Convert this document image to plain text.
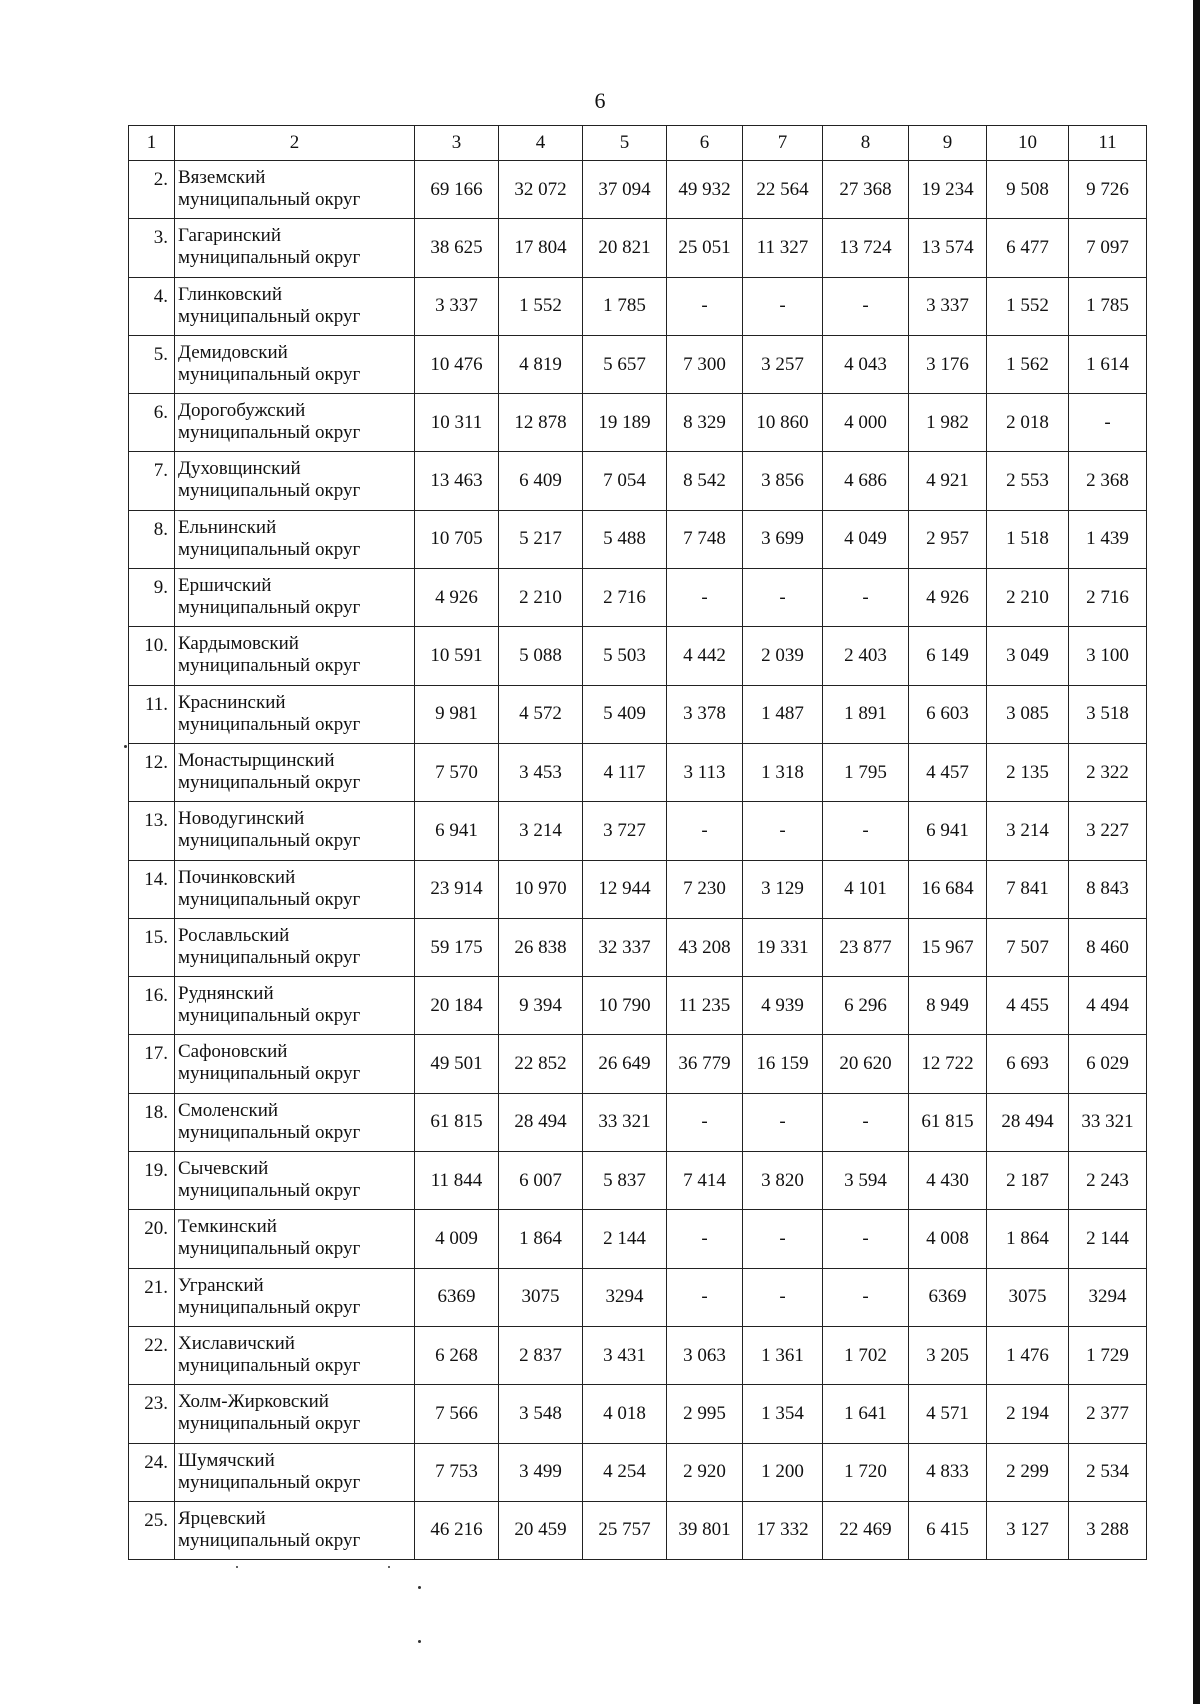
6
1	2	3	4	5	6	7	8	9	10	11
2.	Вяземский
муниципальный округ	69 166	32 072	37 094	49 932	22 564	27 368	19 234	9 508	9 726
3.	Гагаринский
муниципальный округ	38 625	17 804	20 821	25 051	11 327	13 724	13 574	6 477	7 097
4.	Глинковский
муниципальный округ	3 337	1 552	1 785	-	-	-	3 337	1 552	1 785
5.	Демидовский
муниципальный округ	10 476	4 819	5 657	7 300	3 257	4 043	3 176	1 562	1 614
6.	Дорогобужский
муниципальный округ	10 311	12 878	19 189	8 329	10 860	4 000	1 982	2 018	-
7.	Духовщинский
муниципальный округ	13 463	6 409	7 054	8 542	3 856	4 686	4 921	2 553	2 368
8.	Ельнинский
муниципальный округ	10 705	5 217	5 488	7 748	3 699	4 049	2 957	1 518	1 439
9.	Ершичский
муниципальный округ	4 926	2 210	2 716	-	-	-	4 926	2 210	2 716
10.	Кардымовский
муниципальный округ	10 591	5 088	5 503	4 442	2 039	2 403	6 149	3 049	3 100
11.	Краснинский
муниципальный округ	9 981	4 572	5 409	3 378	1 487	1 891	6 603	3 085	3 518
12.	Монастырщинский
муниципальный округ	7 570	3 453	4 117	3 113	1 318	1 795	4 457	2 135	2 322
13.	Новодугинский
муниципальный округ	6 941	3 214	3 727	-	-	-	6 941	3 214	3 227
14.	Починковский
муниципальный округ	23 914	10 970	12 944	7 230	3 129	4 101	16 684	7 841	8 843
15.	Рославльский
муниципальный округ	59 175	26 838	32 337	43 208	19 331	23 877	15 967	7 507	8 460
16.	Руднянский
муниципальный округ	20 184	9 394	10 790	11 235	4 939	6 296	8 949	4 455	4 494
17.	Сафоновский
муниципальный округ	49 501	22 852	26 649	36 779	16 159	20 620	12 722	6 693	6 029
18.	Смоленский
муниципальный округ	61 815	28 494	33 321	-	-	-	61 815	28 494	33 321
19.	Сычевский
муниципальный округ	11 844	6 007	5 837	7 414	3 820	3 594	4 430	2 187	2 243
20.	Темкинский
муниципальный округ	4 009	1 864	2 144	-	-	-	4 008	1 864	2 144
21.	Угранский
муниципальный округ	6369	3075	3294	-	-	-	6369	3075	3294
22.	Хиславичский
муниципальный округ	6 268	2 837	3 431	3 063	1 361	1 702	3 205	1 476	1 729
23.	Холм-Жирковский
муниципальный округ	7 566	3 548	4 018	2 995	1 354	1 641	4 571	2 194	2 377
24.	Шумячский
муниципальный округ	7 753	3 499	4 254	2 920	1 200	1 720	4 833	2 299	2 534
25.	Ярцевский
муниципальный округ	46 216	20 459	25 757	39 801	17 332	22 469	6 415	3 127	3 288
